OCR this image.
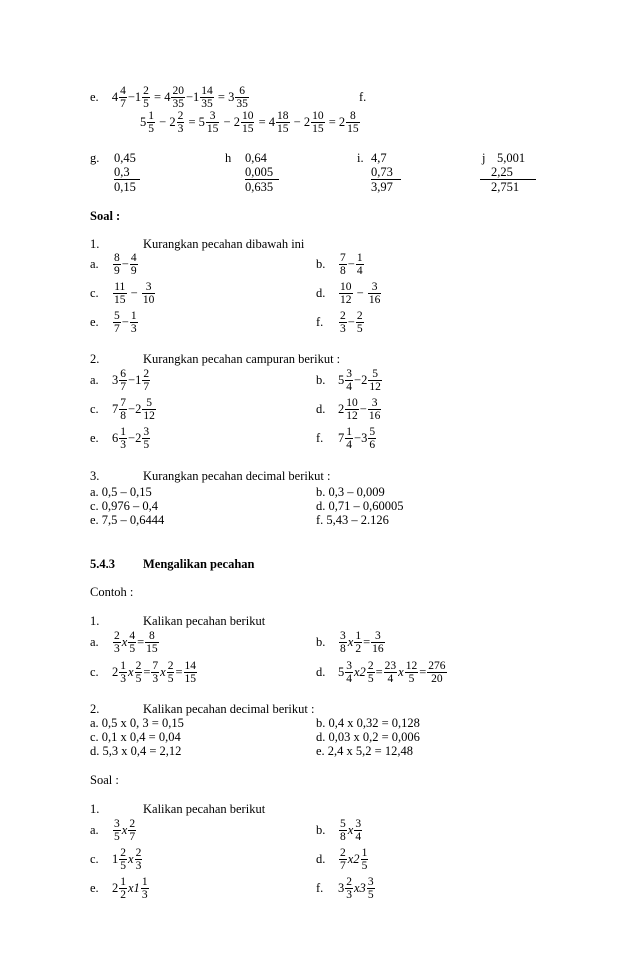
e. $4 \frac{4}{7} -1 \frac{2}{5} = 4 \frac{20}{35} -1 \frac{14}{35} = 3 \frac{6}{35}$	f.
$5 \frac{1}{5} - 2 \frac{2}{3} = 5 \frac{3}{15} - 2 \frac{10}{15} = 4 \frac{18}{15} - 2 \frac{10}{15} = 2 \frac{8}{15}$
g. 0,45
0,3
0,15
h 0,64
0,005
0,635
i. 4,7
0,73
3,97
j 5,001
2,25
2,751
Soal :
1.	Kurangkan pecahan dibawah ini
a. $\frac{8}{9} - \frac{4}{9}$	b. $\frac{7}{8} - \frac{1}{4}$
c. $\frac{11}{15} - \frac{3}{10}$	d. $\frac{10}{12} - \frac{3}{16}$
e. $\frac{5}{7} - \frac{1}{3}$	f. $\frac{2}{3} - \frac{2}{5}$
2.	Kurangkan pecahan campuran berikut :
a. $3 \frac{6}{7} -1 \frac{2}{7}$	b. $5 \frac{3}{4} -2 \frac{5}{12}$
c. $7 \frac{7}{8} -2 \frac{5}{12}$	d. $2 \frac{10}{12} - \frac{3}{16}$
e. $6 \frac{1}{3} -2 \frac{3}{5}$	f. $7 \frac{1}{4} -3 \frac{5}{6}$
3.	Kurangkan pecahan decimal berikut :
a. 0,5 – 0,15	b. 0,3 – 0,009
c. 0,976 – 0,4	d. 0,71 – 0,60005
e. 7,5 – 0,6444	f. 5,43 – 2.126
5.4.3 Mengalikan pecahan
Contoh :
1.	Kalikan pecahan berikut
a. $\frac{2}{3}$ x $\frac{4}{5} = \frac{8}{15}$	b. $\frac{3}{8}$ x $\frac{1}{2} = \frac{3}{16}$
c. $2 \frac{1}{3}$ x $\frac{2}{5} = \frac{7}{3}$ x $\frac{2}{5} = \frac{14}{15}$	d. $5 \frac{3}{4} x2 \frac{2}{5} = \frac{23}{4}$ x $\frac{12}{5} = \frac{276}{20}$
2.	Kalikan pecahan decimal berikut :
a. 0,5 x 0, 3 = 0,15	b. 0,4 x 0,32 = 0,128
c. 0,1 x 0,4 = 0,04	d. 0,03 x 0,2 = 0,006
d. 5,3 x 0,4 = 2,12	e. 2,4 x 5,2 = 12,48
Soal :
1.	Kalikan pecahan berikut
a. $\frac{3}{5}$ x $\frac{2}{7}$	b. $\frac{5}{8}$ x $\frac{3}{4}$
c. $1 \frac{2}{5}$ x $\frac{2}{3}$	d. $\frac{2}{7} x2 \frac{1}{5}$
e. $2 \frac{1}{2} x1 \frac{1}{3}$	f. $3 \frac{2}{3} x3 \frac{3}{5}$
